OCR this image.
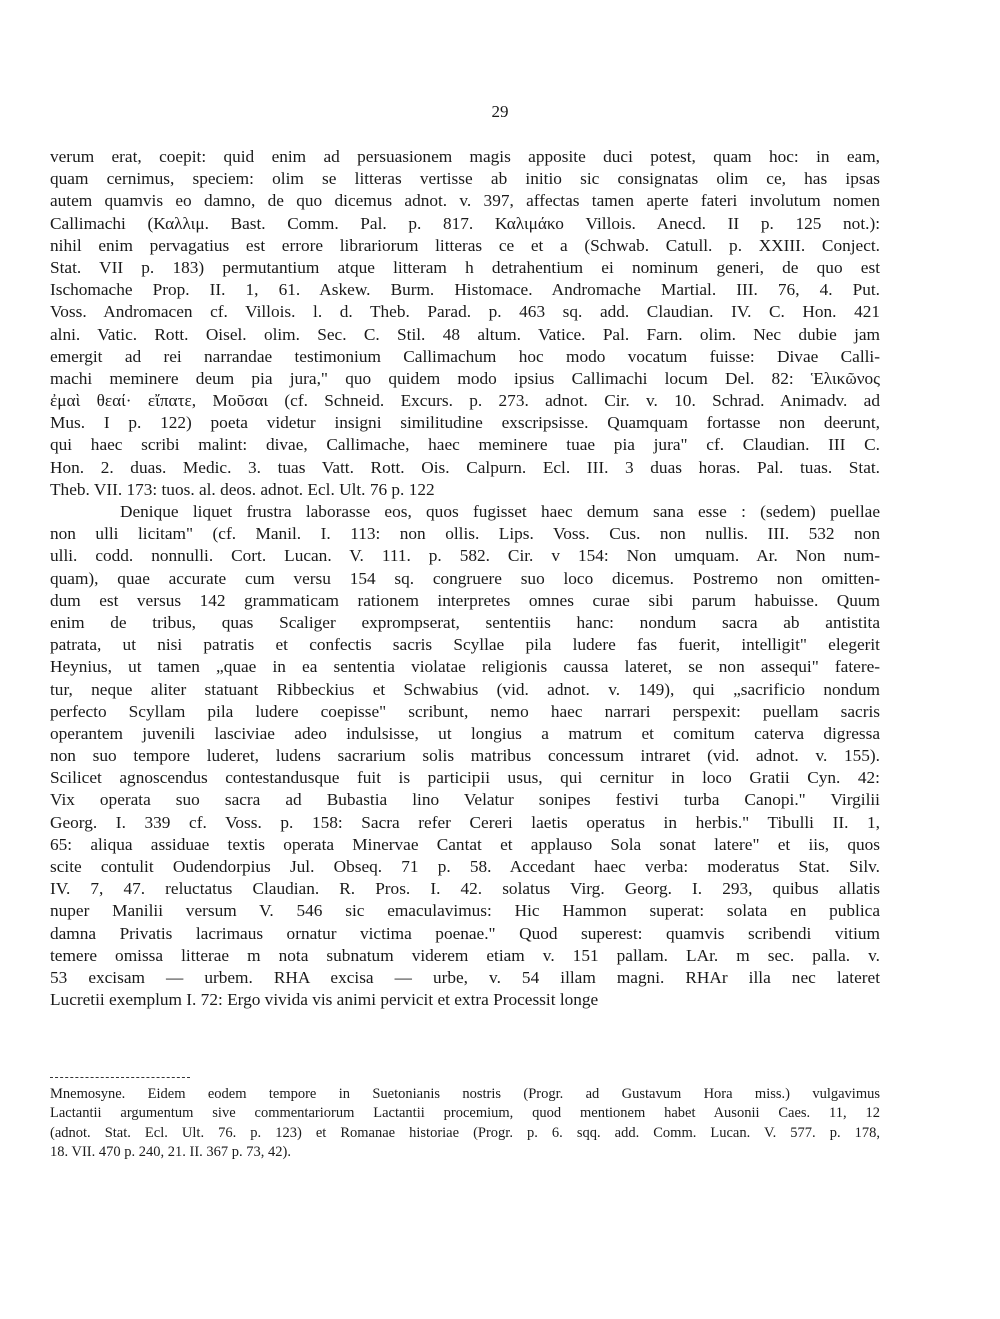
29
verum erat, coepit: quid enim ad persuasionem magis apposite duci potest, quam hoc: in eam,
quam cernimus, speciem: olim se litteras vertisse ab initio sic consignatas olim ce, has ipsas
autem quamvis eo damno, de quo dicemus adnot. v. 397, affectas tamen aperte fateri involutum nomen
Callimachi (Καλλιμ. Bast. Comm. Pal. p. 817. Καλιμάκο Villois. Anecd. II p. 125 not.):
nihil enim pervagatius est errore librariorum litteras ce et a (Schwab. Catull. p. XXIII. Conject.
Stat. VII p. 183) permutantium atque litteram h detrahentium ei nominum generi, de quo est
Ischomache Prop. II. 1, 61. Askew. Burm. Histomace. Andromache Martial. III. 76, 4. Put.
Voss. Andromacen cf. Villois. l. d. Theb. Parad. p. 463 sq. add. Claudian. IV. C. Hon. 421
alni. Vatic. Rott. Oisel. olim. Sec. C. Stil. 48 altum. Vatice. Pal. Farn. olim. Nec dubie jam
emergit ad rei narrandae testimonium Callimachum hoc modo vocatum fuisse: Divae Calli-
machi meminere deum pia jura," quo quidem modo ipsius Callimachi locum Del. 82: Ἑλικῶνος
ἐμαὶ θεαί· εἴπατε, Μοῦσαι (cf. Schneid. Excurs. p. 273. adnot. Cir. v. 10. Schrad. Animadv. ad
Mus. I p. 122) poeta videtur insigni similitudine exscripsisse. Quamquam fortasse non deerunt,
qui haec scribi malint: divae, Callimache, haec meminere tuae pia jura" cf. Claudian. III C.
Hon. 2. duas. Medic. 3. tuas Vatt. Rott. Ois. Calpurn. Ecl. III. 3 duas horas. Pal. tuas. Stat.
Theb. VII. 173: tuos. al. deos. adnot. Ecl. Ult. 76 p. 122
Denique liquet frustra laborasse eos, quos fugisset haec demum sana esse : (sedem) puellae
non ulli licitam" (cf. Manil. I. 113: non ollis. Lips. Voss. Cus. non nullis. III. 532 non
ulli. codd. nonnulli. Cort. Lucan. V. 111. p. 582. Cir. v 154: Non umquam. Ar. Non num-
quam), quae accurate cum versu 154 sq. congruere suo loco dicemus. Postremo non omitten-
dum est versus 142 grammaticam rationem interpretes omnes curae sibi parum habuisse. Quum
enim de tribus, quas Scaliger exprompserat, sententiis hanc: nondum sacra ab antistita
patrata, ut nisi patratis et confectis sacris Scyllae pila ludere fas fuerit, intelligit" elegerit
Heynius, ut tamen „quae in ea sententia violatae religionis caussa lateret, se non assequi" fatere-
tur, neque aliter statuant Ribbeckius et Schwabius (vid. adnot. v. 149), qui „sacrificio nondum
perfecto Scyllam pila ludere coepisse" scribunt, nemo haec narrari perspexit: puellam sacris
operantem juvenili lasciviae adeo indulsisse, ut longius a matrum et comitum caterva digressa
non suo tempore luderet, ludens sacrarium solis matribus concessum intraret (vid. adnot. v. 155).
Scilicet agnoscendus contestandusque fuit is participii usus, qui cernitur in loco Gratii Cyn. 42:
Vix operata suo sacra ad Bubastia lino Velatur sonipes festivi turba Canopi." Virgilii
Georg. I. 339 cf. Voss. p. 158: Sacra refer Cereri laetis operatus in herbis." Tibulli II. 1,
65: aliqua assiduae textis operata Minervae Cantat et applauso Sola sonat latere" et iis, quos
scite contulit Oudendorpius Jul. Obseq. 71 p. 58. Accedant haec verba: moderatus Stat. Silv.
IV. 7, 47. reluctatus Claudian. R. Pros. I. 42. solatus Virg. Georg. I. 293, quibus allatis
nuper Manilii versum V. 546 sic emaculavimus: Hic Hammon superat: solata en publica
damna Privatis lacrimaus ornatur victima poenae." Quod superest: quamvis scribendi vitium
temere omissa litterae m nota subnatum viderem etiam v. 151 pallam. LAr. m sec. palla. v.
53 excisam — urbem. RHA excisa — urbe, v. 54 illam magni. RHAr illa nec lateret
Lucretii exemplum I. 72: Ergo vivida vis animi pervicit et extra Processit longe
Mnemosyne. Eidem eodem tempore in Suetonianis nostris (Progr. ad Gustavum Hora miss.) vulgavimus
Lactantii argumentum sive commentariorum Lactantii procemium, quod mentionem habet Ausonii Caes. 11, 12
(adnot. Stat. Ecl. Ult. 76. p. 123) et Romanae historiae (Progr. p. 6. sqq. add. Comm. Lucan. V. 577. p. 178,
18. VII. 470 p. 240, 21. II. 367 p. 73, 42).
